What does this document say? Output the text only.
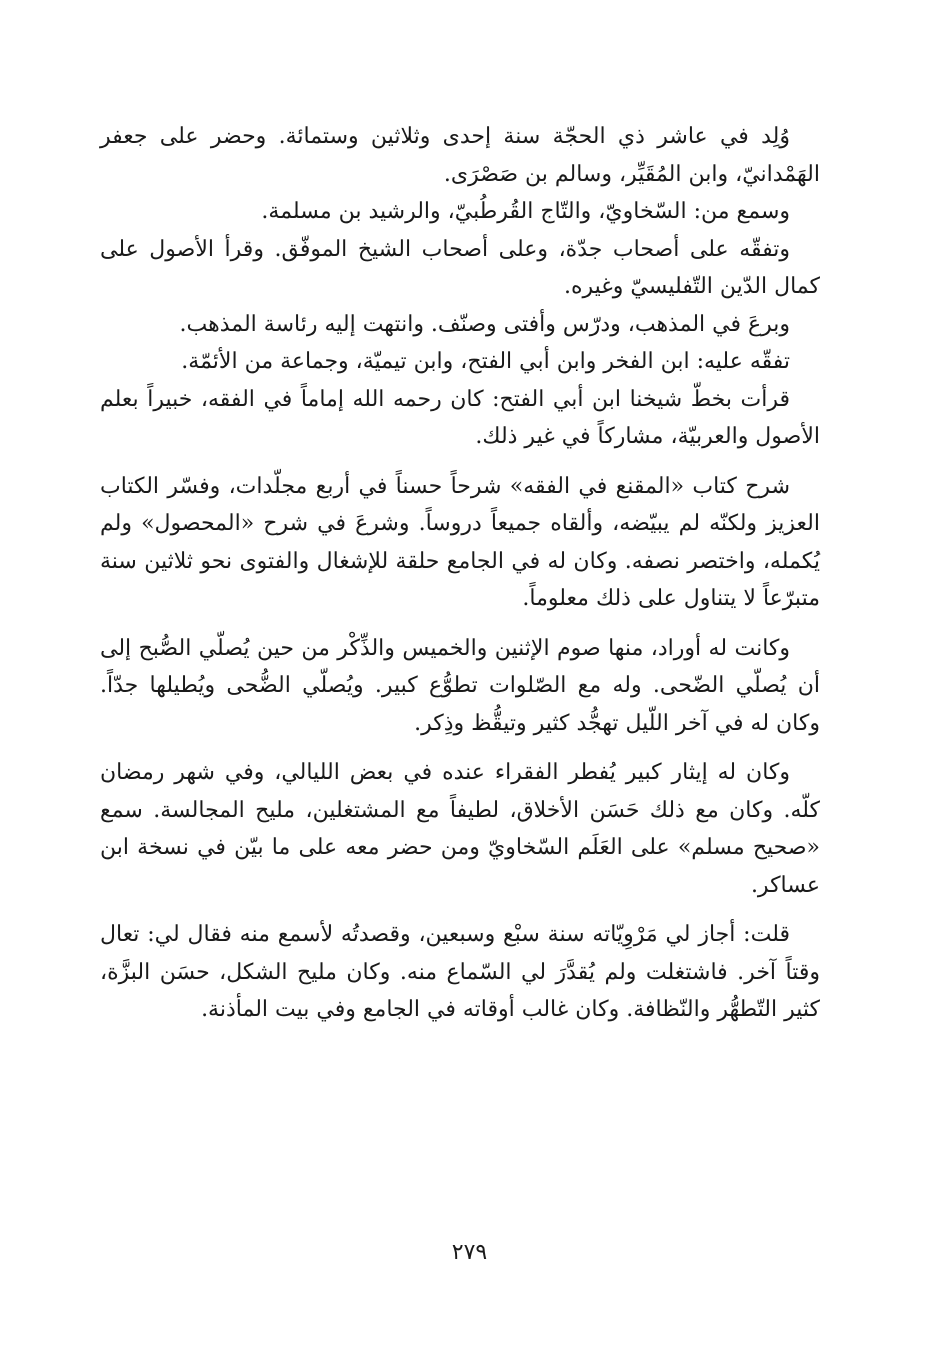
وُلِد في عاشر ذي الحجّة سنة إحدى وثلاثين وستمائة. وحضر على جعفر الهَمْدانيّ، وابن المُقَيِّر، وسالم بن صَصْرَى.

وسمع من: السّخاويّ، والتّاج القُرطُبيّ، والرشيد بن مسلمة.

وتفقّه على أصحاب جدّة، وعلى أصحاب الشيخ الموفّق. وقرأ الأصول على كمال الدّين التّفليسيّ وغيره.

وبرعَ في المذهب، ودرّس وأفتى وصنّف. وانتهت إليه رئاسة المذهب.

تفقّه عليه: ابن الفخر وابن أبي الفتح، وابن تيميّة، وجماعة من الأئمّة.

قرأت بخطّ شيخنا ابن أبي الفتح: كان رحمه الله إماماً في الفقه، خبيراً بعلم الأصول والعربيّة، مشاركاً في غير ذلك.

شرح كتاب «المقنع في الفقه» شرحاً حسناً في أربع مجلّدات، وفسّر الكتاب العزيز ولكنّه لم يبيّضه، وألقاه جميعاً دروساً. وشرعَ في شرح «المحصول» ولم يُكمله، واختصر نصفه. وكان له في الجامع حلقة للإشغال والفتوى نحو ثلاثين سنة متبرّعاً لا يتناول على ذلك معلوماً.

وكانت له أوراد، منها صوم الإثنين والخميس والذِّكْر من حين يُصلّي الصُّبح إلى أن يُصلّي الضّحى. وله مع الصّلوات تطوُّع كبير. ويُصلّي الضُّحى ويُطيلها جدّاً. وكان له في آخر اللّيل تهجُّد كثير وتيقُّظ وذِكر.

وكان له إيثار كبير يُفطر الفقراء عنده في بعض الليالي، وفي شهر رمضان كلّه. وكان مع ذلك حَسَن الأخلاق، لطيفاً مع المشتغلين، مليح المجالسة. سمع «صحيح مسلم» على العَلَم السّخاويّ ومن حضر معه على ما بيّن في نسخة ابن عساكر.

قلت: أجاز لي مَرْوِيّاته سنة سبْع وسبعين، وقصدتُه لأسمع منه فقال لي: تعال وقتاً آخر. فاشتغلت ولم يُقدَّرَ لي السّماع منه. وكان مليح الشكل، حسَن البزَّة، كثير التّطهُّر والنّظافة. وكان غالب أوقاته في الجامع وفي بيت المأذنة.

٢٧٩
